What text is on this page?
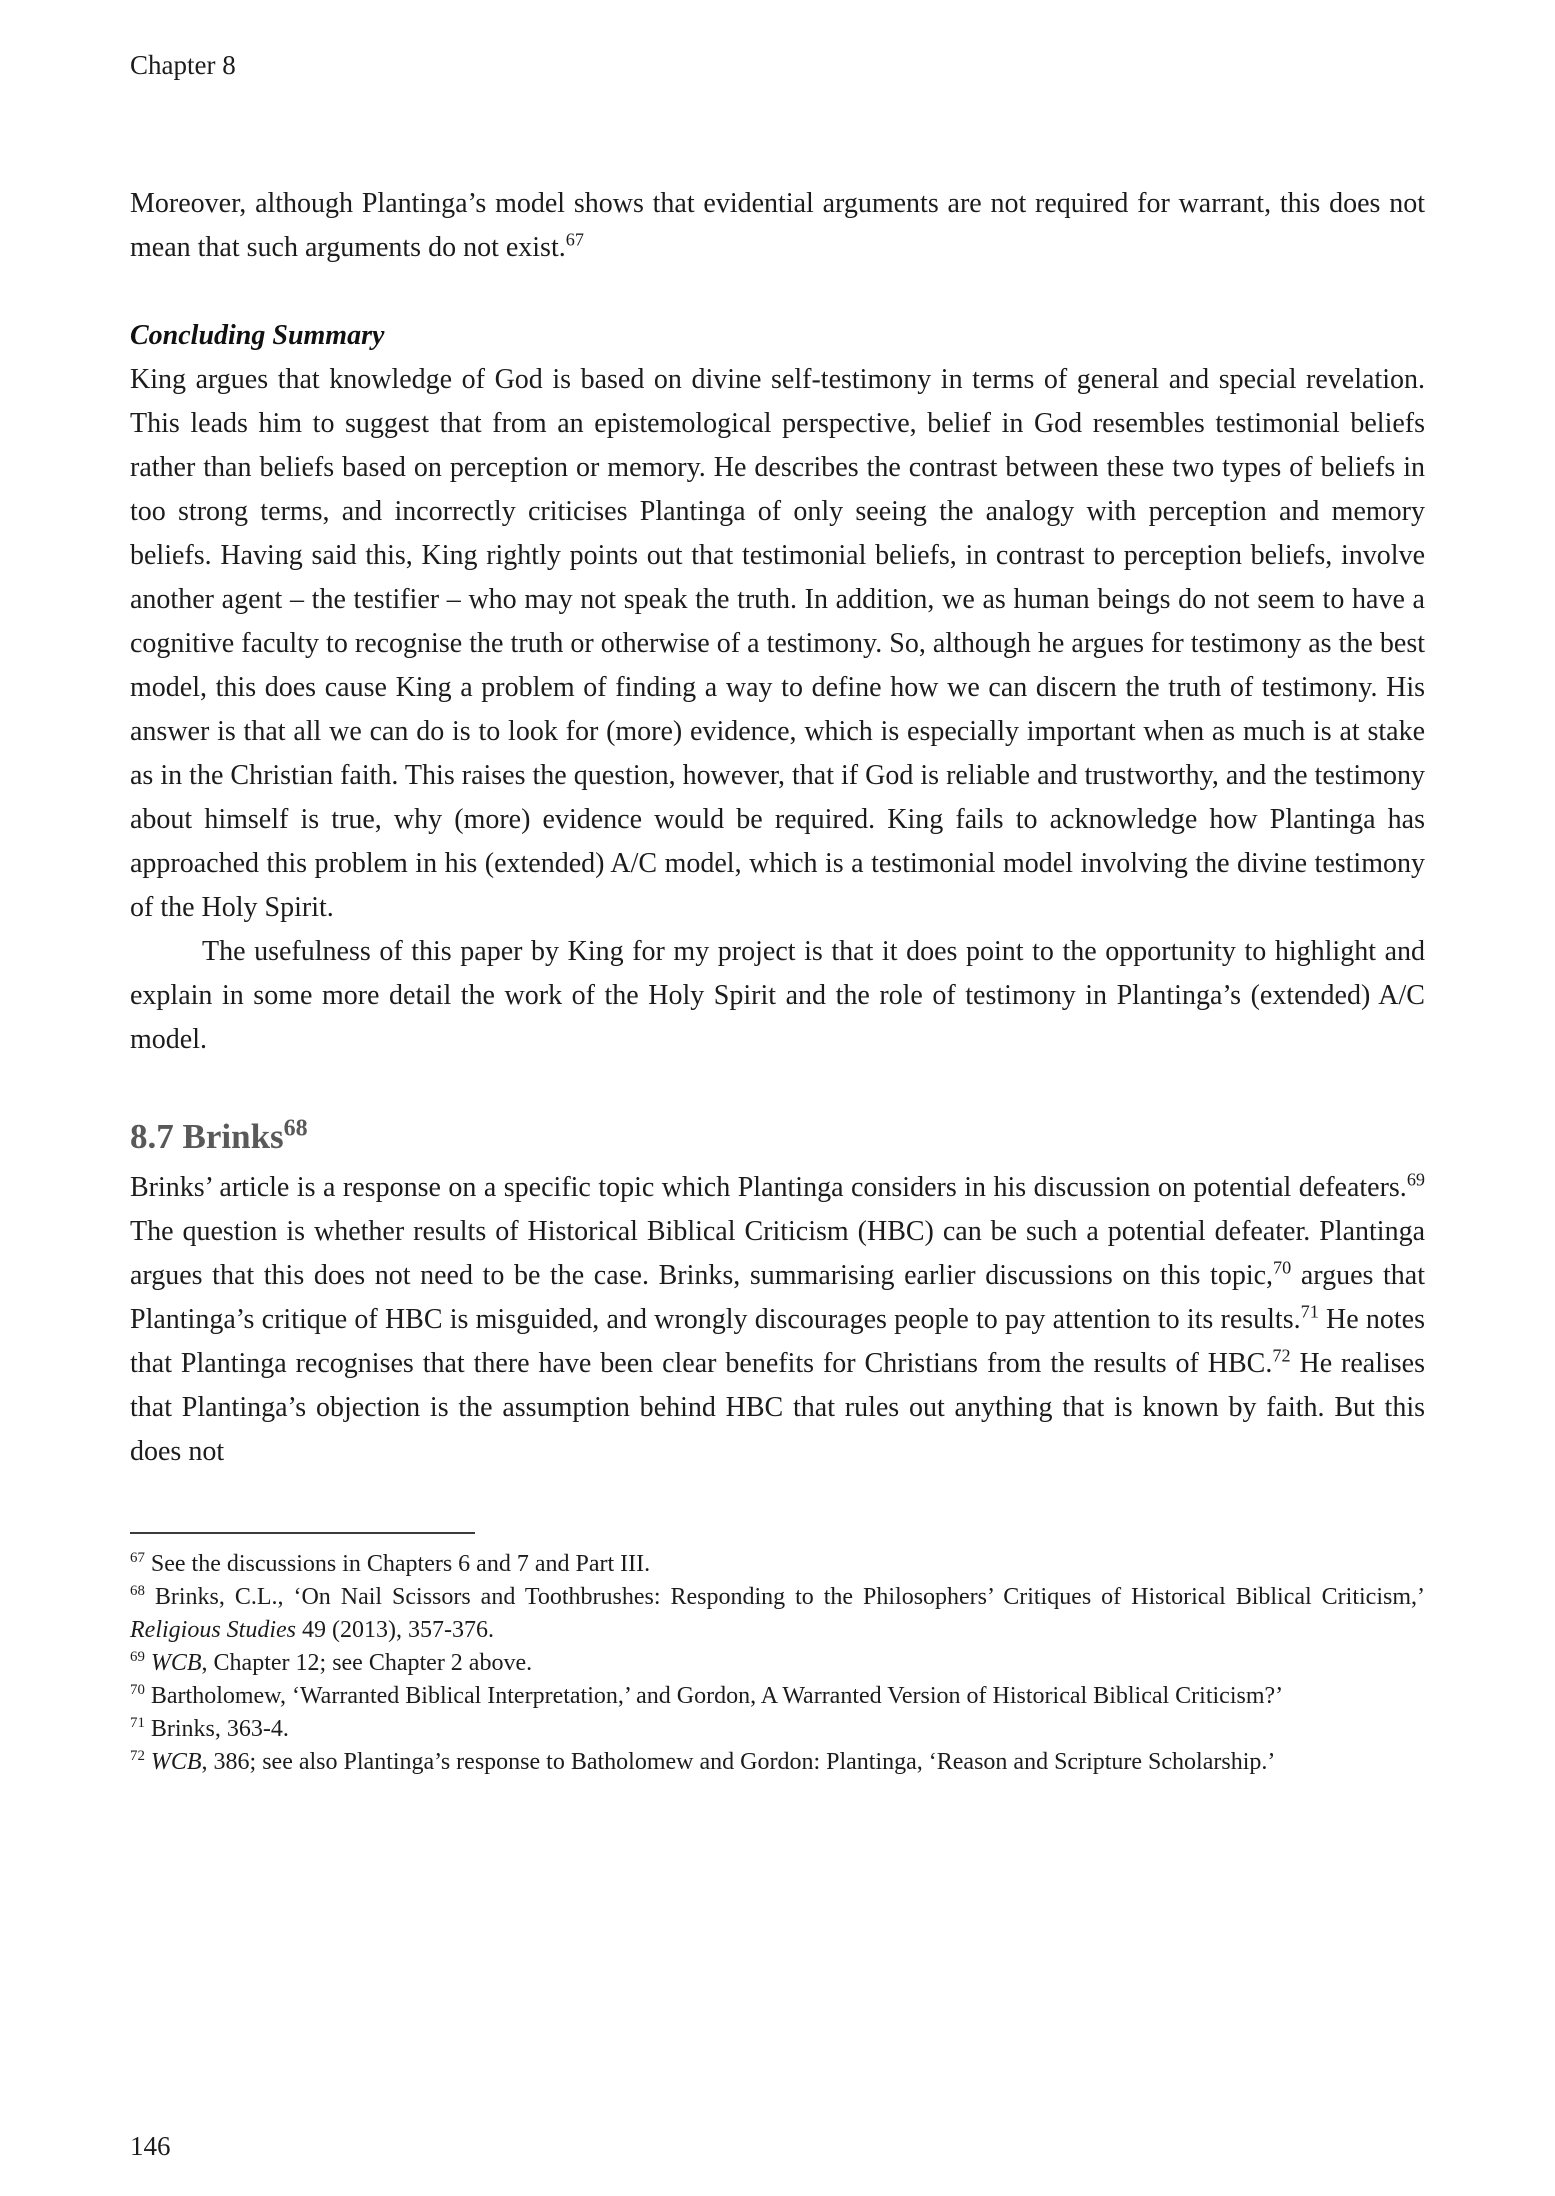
Chapter 8

Moreover, although Plantinga’s model shows that evidential arguments are not required for warrant, this does not mean that such arguments do not exist.$^{67}$

Concluding Summary

King argues that knowledge of God is based on divine self-testimony in terms of general and special revelation. This leads him to suggest that from an epistemological perspective, belief in God resembles testimonial beliefs rather than beliefs based on perception or memory. He describes the contrast between these two types of beliefs in too strong terms, and incorrectly criticises Plantinga of only seeing the analogy with perception and memory beliefs. Having said this, King rightly points out that testimonial beliefs, in contrast to perception beliefs, involve another agent – the testifier – who may not speak the truth. In addition, we as human beings do not seem to have a cognitive faculty to recognise the truth or otherwise of a testimony. So, although he argues for testimony as the best model, this does cause King a problem of finding a way to define how we can discern the truth of testimony. His answer is that all we can do is to look for (more) evidence, which is especially important when as much is at stake as in the Christian faith. This raises the question, however, that if God is reliable and trustworthy, and the testimony about himself is true, why (more) evidence would be required. King fails to acknowledge how Plantinga has approached this problem in his (extended) A/C model, which is a testimonial model involving the divine testimony of the Holy Spirit.

The usefulness of this paper by King for my project is that it does point to the opportunity to highlight and explain in some more detail the work of the Holy Spirit and the role of testimony in Plantinga’s (extended) A/C model.

8.7 Brinks$^{68}$

Brinks’ article is a response on a specific topic which Plantinga considers in his discussion on potential defeaters.$^{69}$ The question is whether results of Historical Biblical Criticism (HBC) can be such a potential defeater. Plantinga argues that this does not need to be the case. Brinks, summarising earlier discussions on this topic,$^{70}$ argues that Plantinga’s critique of HBC is misguided, and wrongly discourages people to pay attention to its results.$^{71}$ He notes that Plantinga recognises that there have been clear benefits for Christians from the results of HBC.$^{72}$ He realises that Plantinga’s objection is the assumption behind HBC that rules out anything that is known by faith. But this does not

$^{67}$ See the discussions in Chapters 6 and 7 and Part III.
$^{68}$ Brinks, C.L., ‘On Nail Scissors and Toothbrushes: Responding to the Philosophers’ Critiques of Historical Biblical Criticism,’ Religious Studies 49 (2013), 357-376.
$^{69}$ WCB, Chapter 12; see Chapter 2 above.
$^{70}$ Bartholomew, ‘Warranted Biblical Interpretation,’ and Gordon, A Warranted Version of Historical Biblical Criticism?’
$^{71}$ Brinks, 363-4.
$^{72}$ WCB, 386; see also Plantinga’s response to Batholomew and Gordon: Plantinga, ‘Reason and Scripture Scholarship.’
146
